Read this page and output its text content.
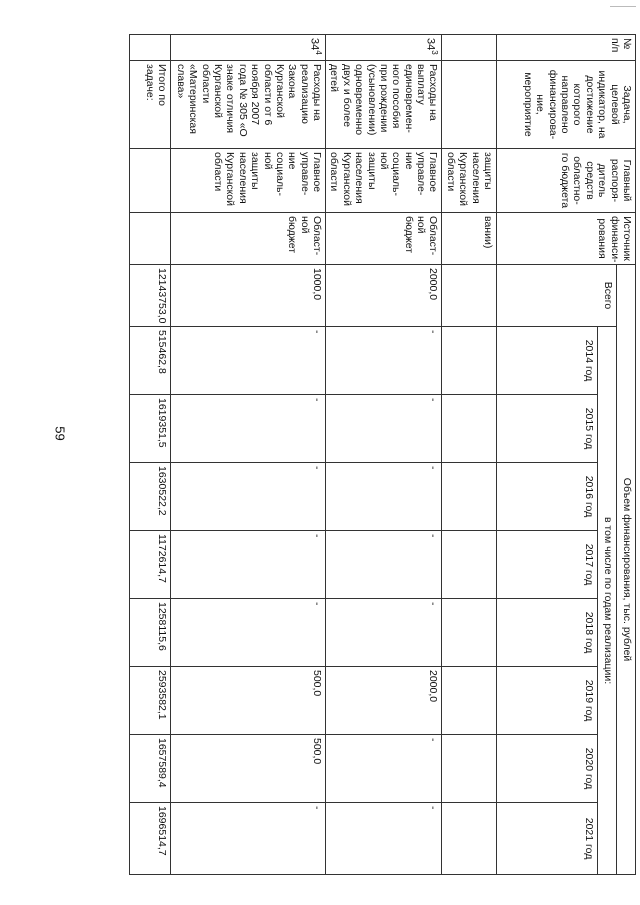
59
№ п/п	Задача, целевой индикатор, на достижение которого направлено финансирова-ние, мероприятие	Главный распоря-дитель средств областно-го бюджета	Источник финанси-рования	Объем финансирования, тыс. рублей								
				Всего	в том числе по годам реализации:							
					2014 год	2015 год	2016 год	2017 год	2018 год	2019 год	2020 год	2021 год
		защиты населения Курганской области	вании)									
$34^3$	Расходы на выплату единовремен-ного пособия при рождении (усыновлении) одновременно двух и более детей	Главное управле-ние социаль-ной защиты населения Курганской области	Област-ной бюджет	2000,0	-	-	-	-	-	2000,0	-	-
$34^4$	Расходы на реализацию Закона Курганской области от 6 ноября 2007 года № 305 «О знаке отличия Курганской области «Материнская слава»	Главное управле-ние социаль-ной защиты населения Курганской области	Област-ной бюджет	1000,0	-	-	-	-	-	500,0	500,0	-
	Итого по задаче:			12143753,0	515462,8	1619351,5	1630522,2	1172614,7	1258115,6	2593582,1	1657589,4	1696514,7
